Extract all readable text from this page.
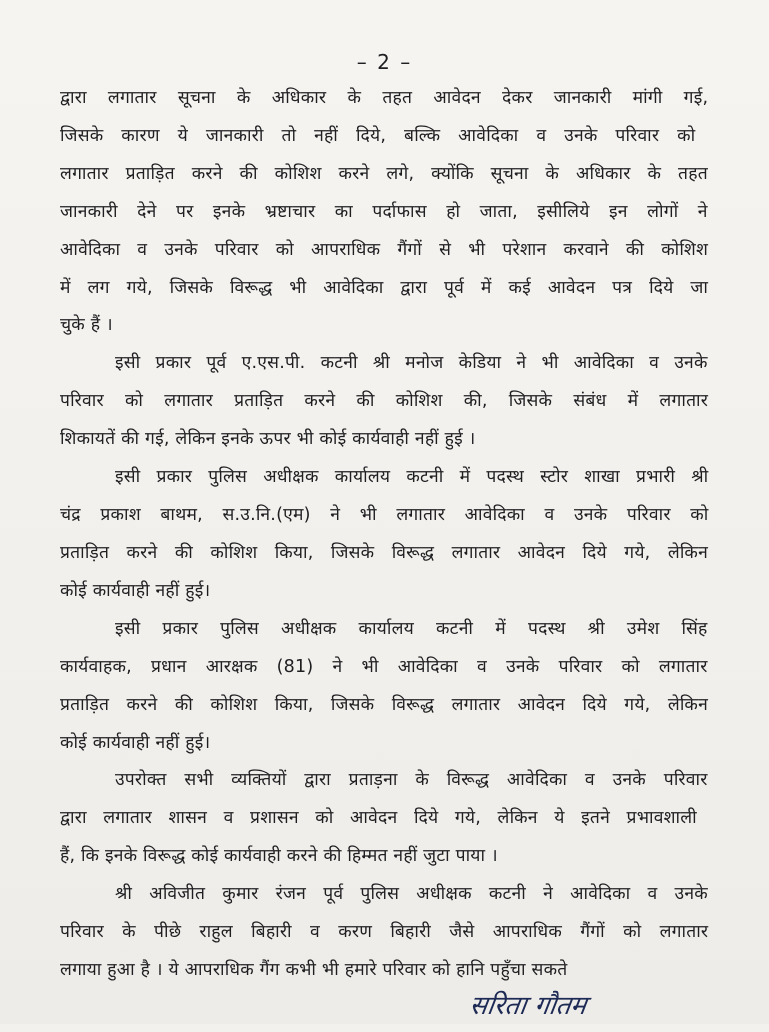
– 2 –
द्वारा लगातार सूचना के अधिकार के तहत आवेदन देकर जानकारी मांगी गई,
जिसके कारण ये जानकारी तो नहीं दिये, बल्कि आवेदिका व उनके परिवार को
लगातार प्रताड़ित करने की कोशिश करने लगे, क्योंकि सूचना के अधिकार के तहत
जानकारी देने पर इनके भ्रष्टाचार का पर्दाफास हो जाता, इसीलिये इन लोगों ने
आवेदिका व उनके परिवार को आपराधिक गैंगों से भी परेशान करवाने की कोशिश
में लग गये, जिसके विरूद्ध भी आवेदिका द्वारा पूर्व में कई आवेदन पत्र दिये जा
चुके हैं ।
इसी प्रकार पूर्व ए.एस.पी. कटनी श्री मनोज केडिया ने भी आवेदिका व उनके
परिवार को लगातार प्रताड़ित करने की कोशिश की, जिसके संबंध में लगातार
शिकायतें की गई, लेकिन इनके ऊपर भी कोई कार्यवाही नहीं हुई ।
इसी प्रकार पुलिस अधीक्षक कार्यालय कटनी में पदस्थ स्टोर शाखा प्रभारी श्री
चंद्र प्रकाश बाथम, स.उ.नि.(एम) ने भी लगातार आवेदिका व उनके परिवार को
प्रताड़ित करने की कोशिश किया, जिसके विरूद्ध लगातार आवेदन दिये गये, लेकिन
कोई कार्यवाही नहीं हुई।
इसी प्रकार पुलिस अधीक्षक कार्यालय कटनी में पदस्थ श्री उमेश सिंह
कार्यवाहक, प्रधान आरक्षक (81) ने भी आवेदिका व उनके परिवार को लगातार
प्रताड़ित करने की कोशिश किया, जिसके विरूद्ध लगातार आवेदन दिये गये, लेकिन
कोई कार्यवाही नहीं हुई।
उपरोक्त सभी व्यक्तियों द्वारा प्रताड़ना के विरूद्ध आवेदिका व उनके परिवार
द्वारा लगातार शासन व प्रशासन को आवेदन दिये गये, लेकिन ये इतने प्रभावशाली
हैं, कि इनके विरूद्ध कोई कार्यवाही करने की हिम्मत नहीं जुटा पाया ।
श्री अविजीत कुमार रंजन पूर्व पुलिस अधीक्षक कटनी ने आवेदिका व उनके
परिवार के पीछे राहुल बिहारी व करण बिहारी जैसे आपराधिक गैंगों को लगातार
लगाया हुआ है । ये आपराधिक गैंग कभी भी हमारे परिवार को हानि पहुँचा सकते
सरिता गौतम
